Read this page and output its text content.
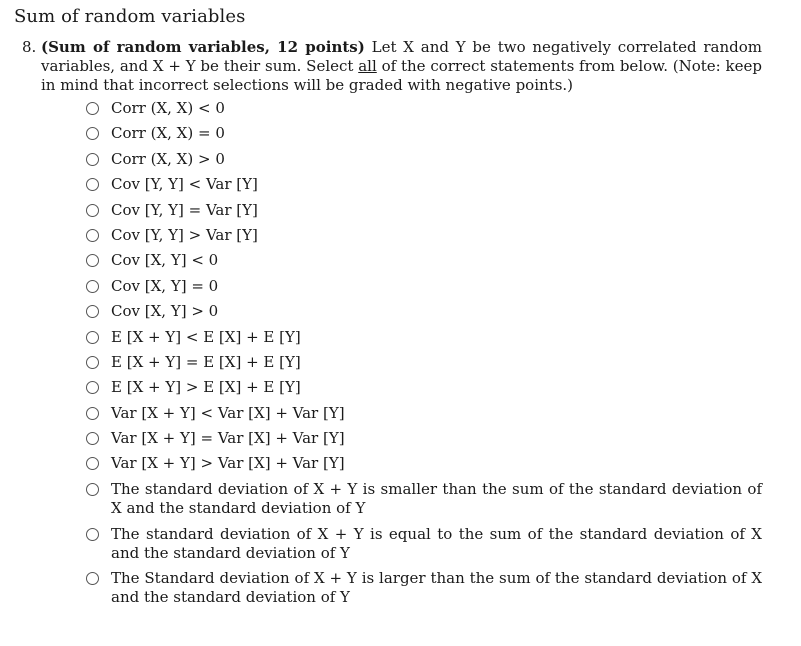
Sum of random variables
8. (Sum of random variables, 12 points) Let X and Y be two negatively correlated random variables, and X + Y be their sum. Select all of the correct statements from below. (Note: keep in mind that incorrect selections will be graded with negative points.)
Corr (X, X) < 0
Corr (X, X) = 0
Corr (X, X) > 0
Cov [Y, Y] < Var [Y]
Cov [Y, Y] = Var [Y]
Cov [Y, Y] > Var [Y]
Cov [X, Y] < 0
Cov [X, Y] = 0
Cov [X, Y] > 0
E [X + Y] < E [X] + E [Y]
E [X + Y] = E [X] + E [Y]
E [X + Y] > E [X] + E [Y]
Var [X + Y] < Var [X] + Var [Y]
Var [X + Y] = Var [X] + Var [Y]
Var [X + Y] > Var [X] + Var [Y]
The standard deviation of X + Y is smaller than the sum of the standard deviation of X and the standard deviation of Y
The standard deviation of X + Y is equal to the sum of the standard deviation of X and the standard deviation of Y
The Standard deviation of X + Y is larger than the sum of the standard deviation of X and the standard deviation of Y
